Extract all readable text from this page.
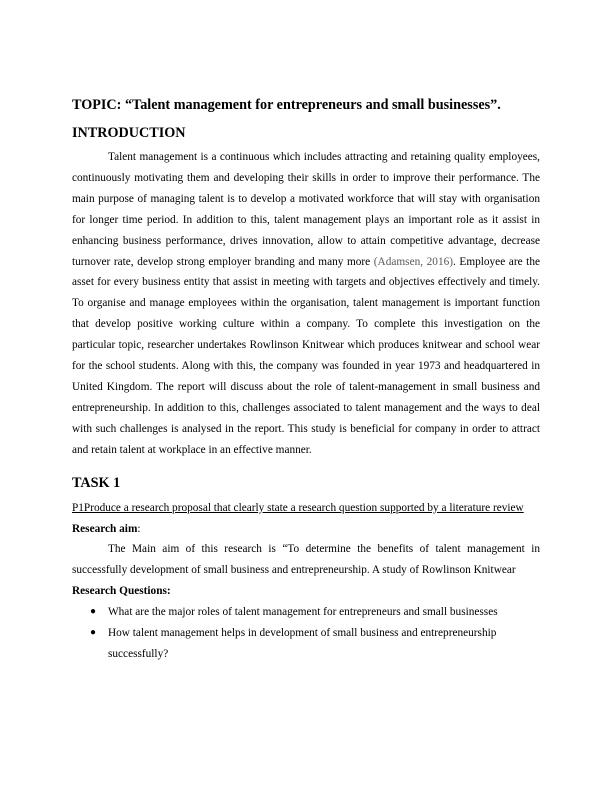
TOPIC: “Talent management for entrepreneurs and small businesses”.

INTRODUCTION

Talent management is a continuous which includes attracting and retaining quality employees, continuously motivating them and developing their skills in order to improve their performance. The main purpose of managing talent is to develop a motivated workforce that will stay with organisation for longer time period. In addition to this, talent management plays an important role as it assist in enhancing business performance, drives innovation, allow to attain competitive advantage, decrease turnover rate, develop strong employer branding and many more (Adamsen, 2016). Employee are the asset for every business entity that assist in meeting with targets and objectives effectively and timely. To organise and manage employees within the organisation, talent management is important function that develop positive working culture within a company. To complete this investigation on the particular topic, researcher undertakes Rowlinson Knitwear which produces knitwear and school wear for the school students. Along with this, the company was founded in year 1973 and headquartered in United Kingdom. The report will discuss about the role of talent-management in small business and entrepreneurship. In addition to this, challenges associated to talent management and the ways to deal with such challenges is analysed in the report. This study is beneficial for company in order to attract and retain talent at workplace in an effective manner.

TASK 1

P1Produce a research proposal that clearly state a research question supported by a literature review

Research aim:

The Main aim of this research is “To determine the benefits of talent management in successfully development of small business and entrepreneurship. A study of Rowlinson Knitwear

Research Questions:

● What are the major roles of talent management for entrepreneurs and small businesses
● How talent management helps in development of small business and entrepreneurship successfully?
